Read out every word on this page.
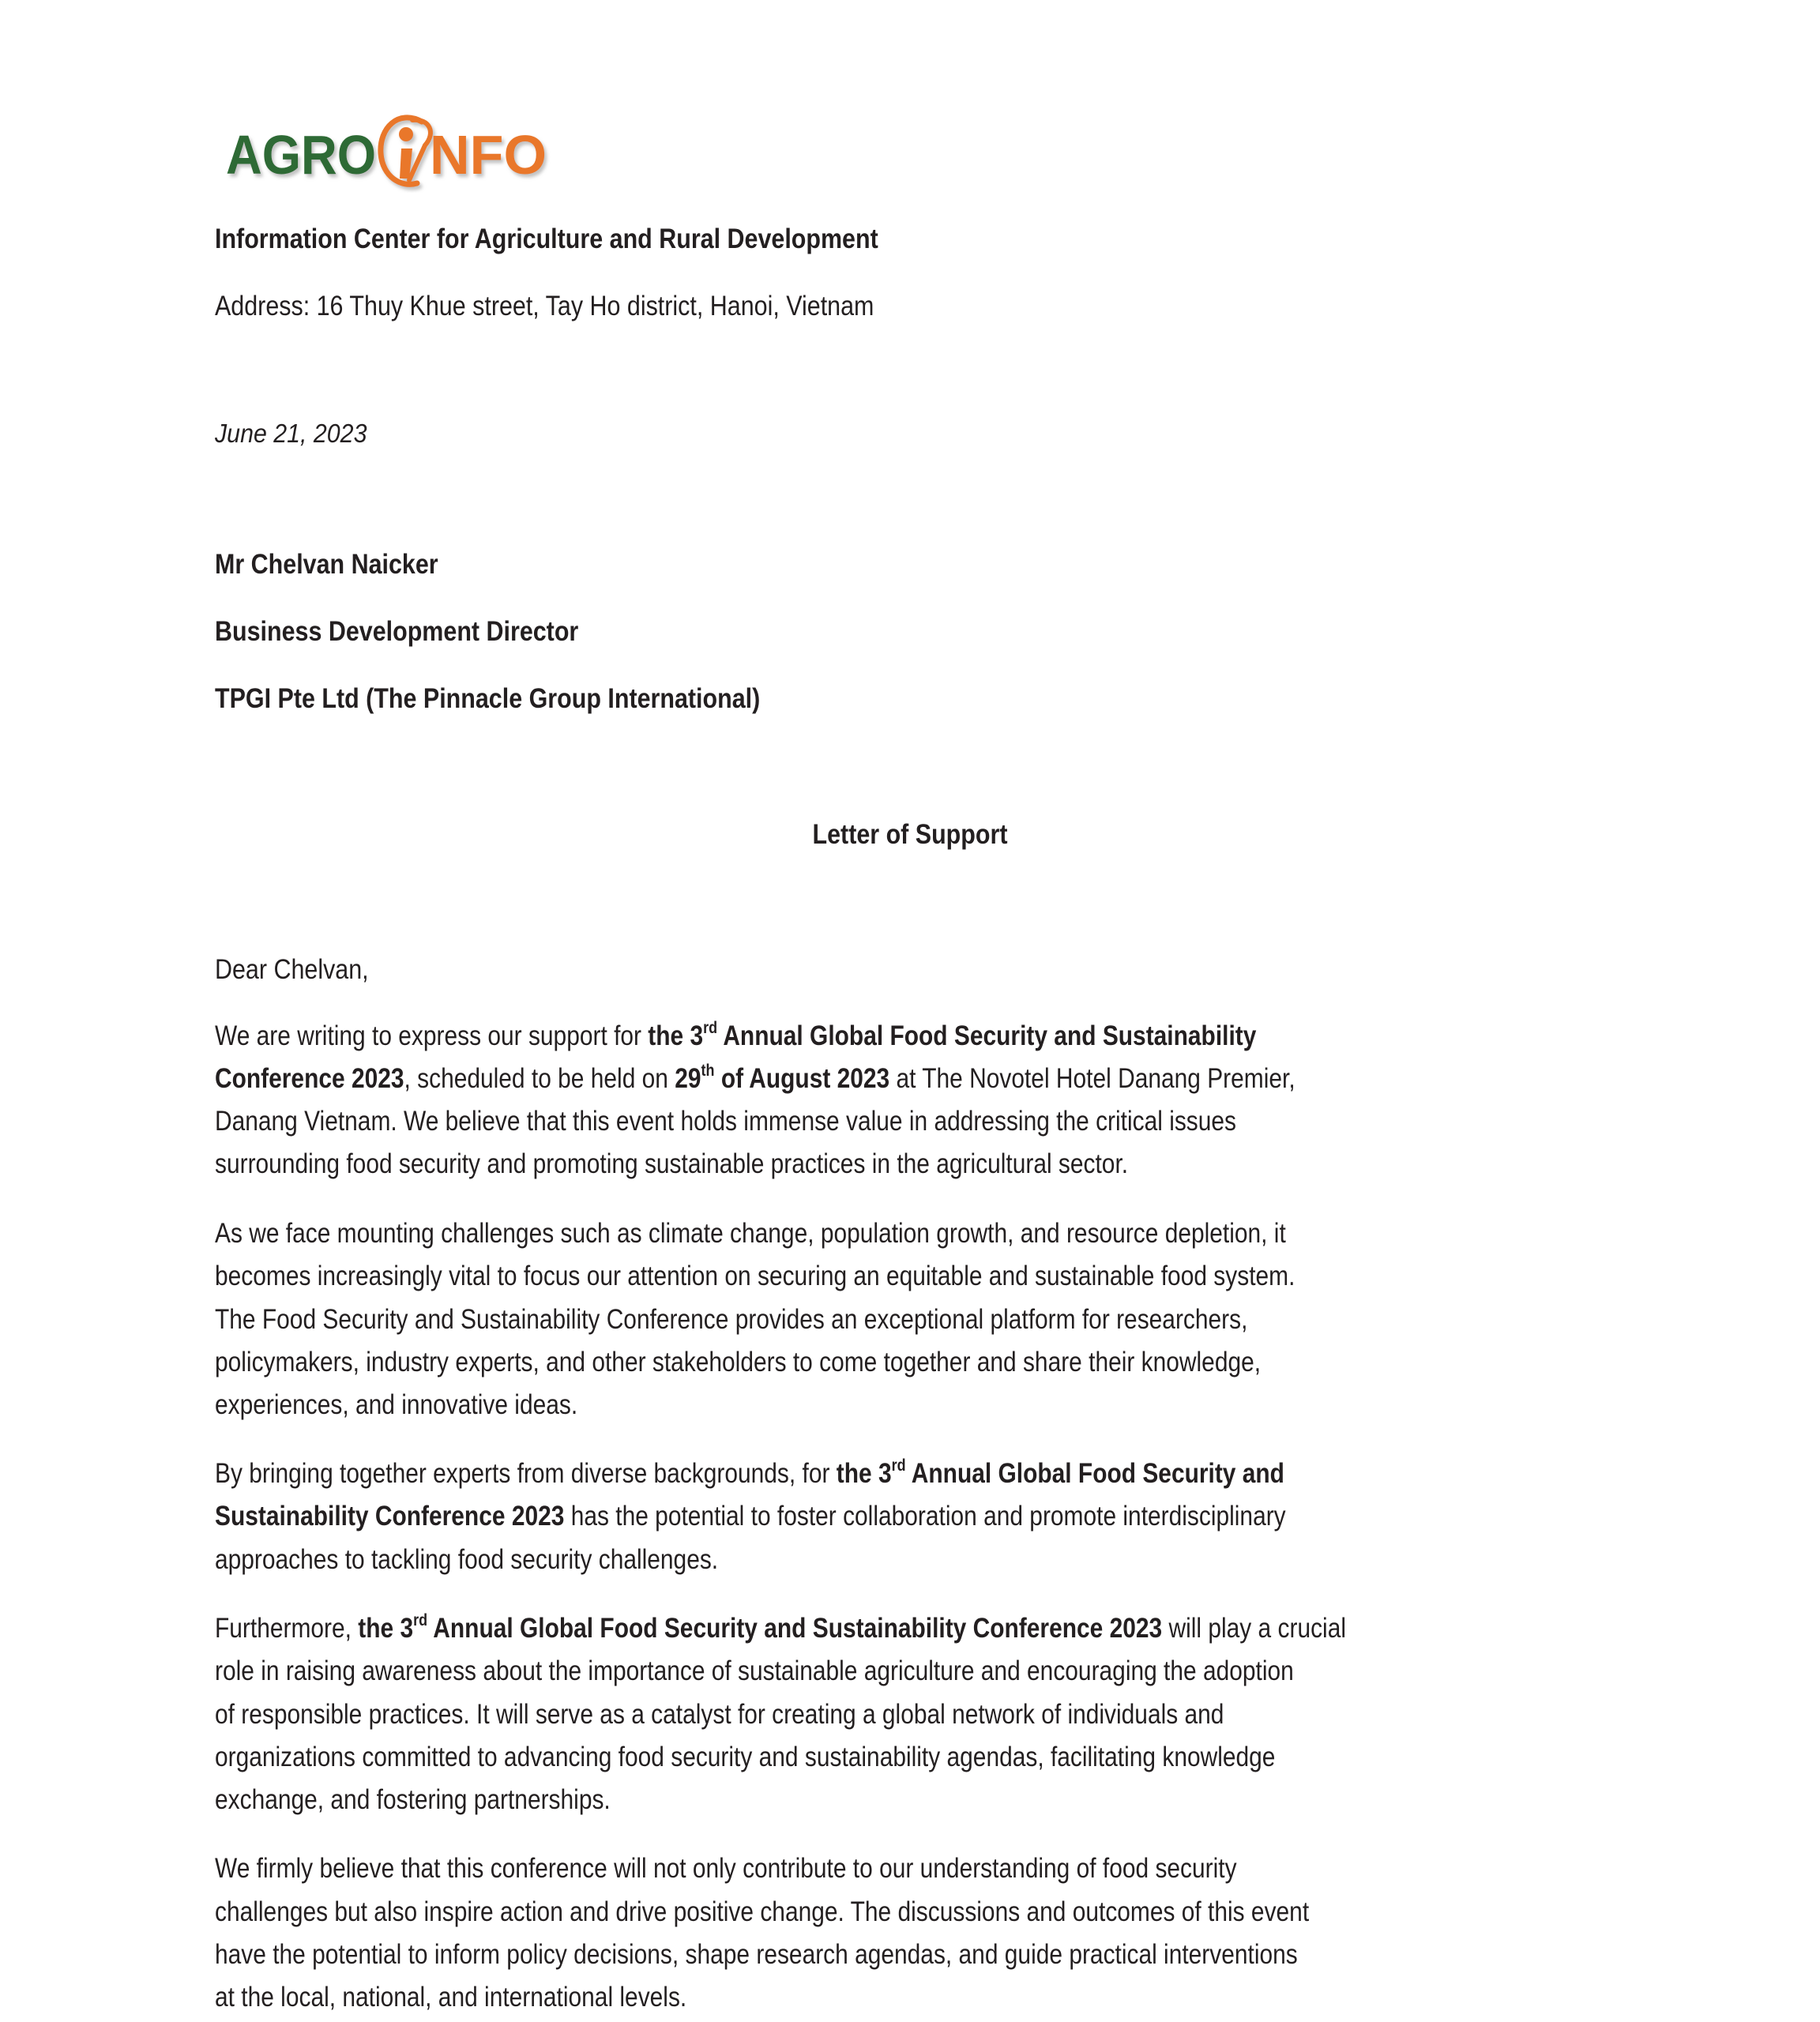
AGRO NFO
Information Center for Agriculture and Rural Development
Address: 16 Thuy Khue street, Tay Ho district, Hanoi, Vietnam
June 21, 2023
Mr Chelvan Naicker
Business Development Director
TPGI Pte Ltd (The Pinnacle Group International)
Letter of Support
Dear Chelvan,
We are writing to express our support for the 3rd Annual Global Food Security and Sustainability
Conference 2023, scheduled to be held on 29th of August 2023 at The Novotel Hotel Danang Premier,
Danang Vietnam. We believe that this event holds immense value in addressing the critical issues
surrounding food security and promoting sustainable practices in the agricultural sector.
As we face mounting challenges such as climate change, population growth, and resource depletion, it
becomes increasingly vital to focus our attention on securing an equitable and sustainable food system.
The Food Security and Sustainability Conference provides an exceptional platform for researchers,
policymakers, industry experts, and other stakeholders to come together and share their knowledge,
experiences, and innovative ideas.
By bringing together experts from diverse backgrounds, for the 3rd Annual Global Food Security and
Sustainability Conference 2023 has the potential to foster collaboration and promote interdisciplinary
approaches to tackling food security challenges.
Furthermore, the 3rd Annual Global Food Security and Sustainability Conference 2023 will play a crucial
role in raising awareness about the importance of sustainable agriculture and encouraging the adoption
of responsible practices. It will serve as a catalyst for creating a global network of individuals and
organizations committed to advancing food security and sustainability agendas, facilitating knowledge
exchange, and fostering partnerships.
We firmly believe that this conference will not only contribute to our understanding of food security
challenges but also inspire action and drive positive change. The discussions and outcomes of this event
have the potential to inform policy decisions, shape research agendas, and guide practical interventions
at the local, national, and international levels.
